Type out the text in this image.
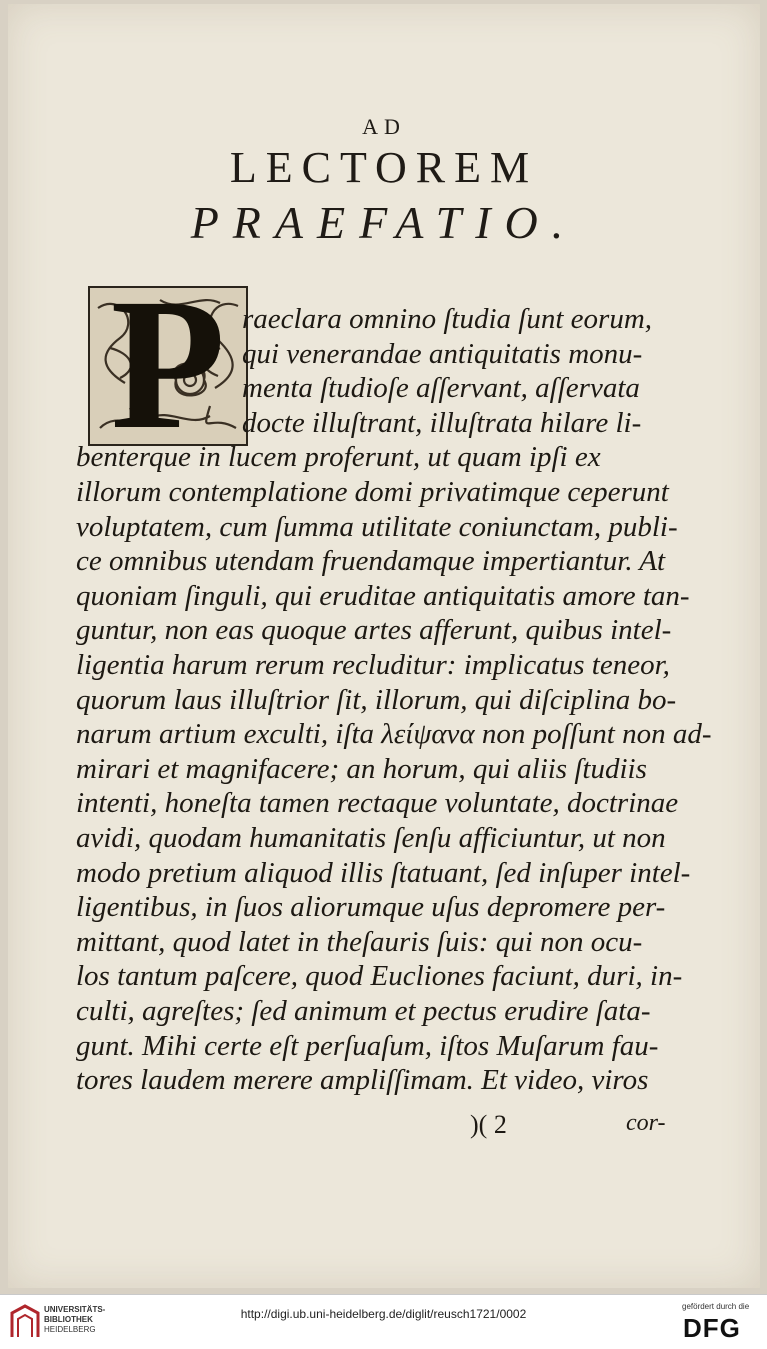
AD
LECTOREM
PRAEFATIO.
P raeclara omnino ſtudia ſunt eorum,
qui venerandae antiquitatis monu-
menta ſtudioſe aſſervant, aſſervata
docte illuſtrant, illuſtrata hilare li-
benterque in lucem proferunt, ut quam ipſi ex
illorum contemplatione domi privatimque ceperunt
voluptatem, cum ſumma utilitate coniunctam, publi-
ce omnibus utendam fruendamque impertiantur. At
quoniam ſinguli, qui eruditae antiquitatis amore tan-
guntur, non eas quoque artes afferunt, quibus intel-
ligentia harum rerum recluditur: implicatus teneor,
quorum laus illuſtrior ſit, illorum, qui diſciplina bo-
narum artium exculti, iſta λείψανα non poſſunt non ad-
mirari et magnifacere; an horum, qui aliis ſtudiis
intenti, honeſta tamen rectaque voluntate, doctrinae
avidi, quodam humanitatis ſenſu afficiuntur, ut non
modo pretium aliquod illis ſtatuant, ſed inſuper intel-
ligentibus, in ſuos aliorumque uſus depromere per-
mittant, quod latet in theſauris ſuis: qui non ocu-
los tantum paſcere, quod Eucliones faciunt, duri, in-
culti, agreſtes; ſed animum et pectus erudire ſata-
gunt. Mihi certe eſt perſuaſum, iſtos Muſarum fau-
tores laudem merere ampliſſimam. Et video, viros
)( 2	cor-
UNIVERSITÄTS-
BIBLIOTHEK
HEIDELBERG
http://digi.ub.uni-heidelberg.de/diglit/reusch1721/0002
gefördert durch die
DFG
